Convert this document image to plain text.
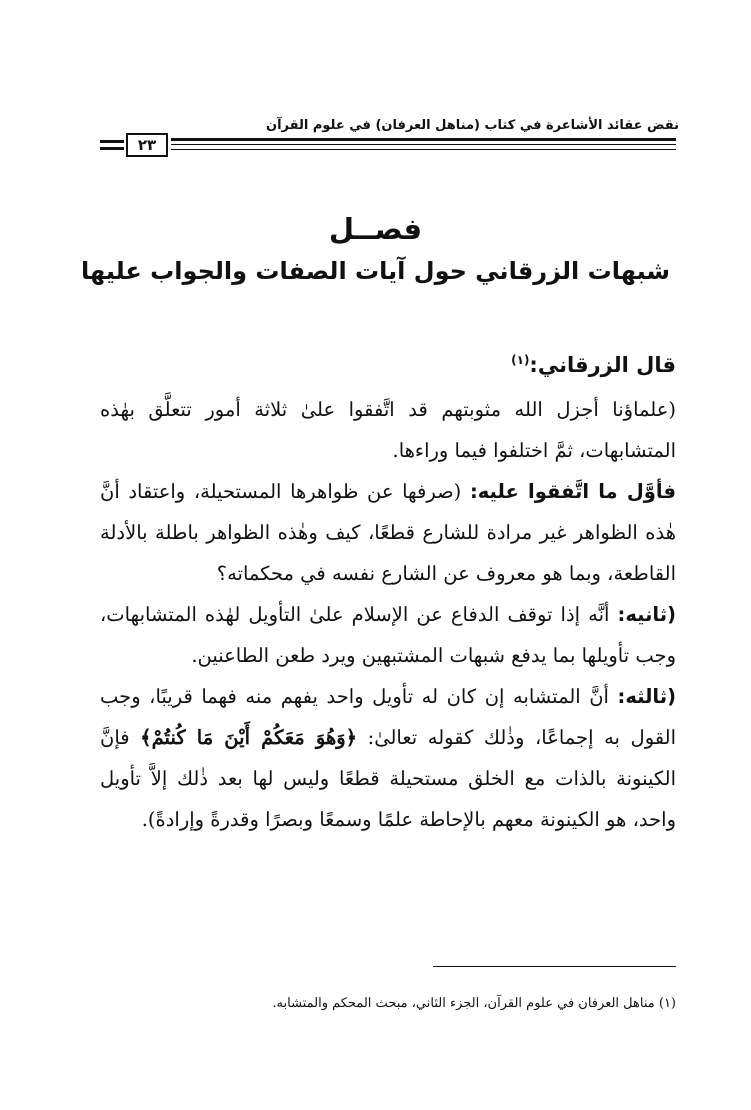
نقض عقائد الأشاعرة في كتاب (مناهل العرفان) في علوم القرآن
٢٣
فصــل
شبهات الزرقاني حول آيات الصفات والجواب عليها

قال الزرقاني:$^{(١)}$

(علماؤنا أجزل الله مثوبتهم قد اتَّفقوا علىٰ ثلاثة أمور تتعلَّق بهٰذه المتشابهات، ثمَّ اختلفوا فيما وراءها.

فأوَّل ما اتَّفقوا عليه: (صرفها عن ظواهرها المستحيلة، واعتقاد أنَّ هٰذه الظواهر غير مرادة للشارع قطعًا، كيف وهٰذه الظواهر باطلة بالأدلة القاطعة، وبما هو معروف عن الشارع نفسه في محكماته؟

(ثانيه: أنَّه إذا توقف الدفاع عن الإسلام علىٰ التأويل لهٰذه المتشابهات، وجب تأويلها بما يدفع شبهات المشتبهين ويرد طعن الطاعنين.

(ثالثه: أنَّ المتشابه إن كان له تأويل واحد يفهم منه فهما قريبًا، وجب القول به إجماعًا، وذٰلك كقوله تعالىٰ: ﴿وَهُوَ مَعَكُمْ أَيْنَ مَا كُنتُمْ﴾ فإنَّ الكينونة بالذات مع الخلق مستحيلة قطعًا وليس لها بعد ذٰلك إلاَّ تأويل واحد، هو الكينونة معهم بالإحاطة علمًا وسمعًا وبصرًا وقدرةً وإرادةً).

(١) مناهل العرفان في علوم القرآن، الجزء الثاني، مبحث المحكم والمتشابه.
